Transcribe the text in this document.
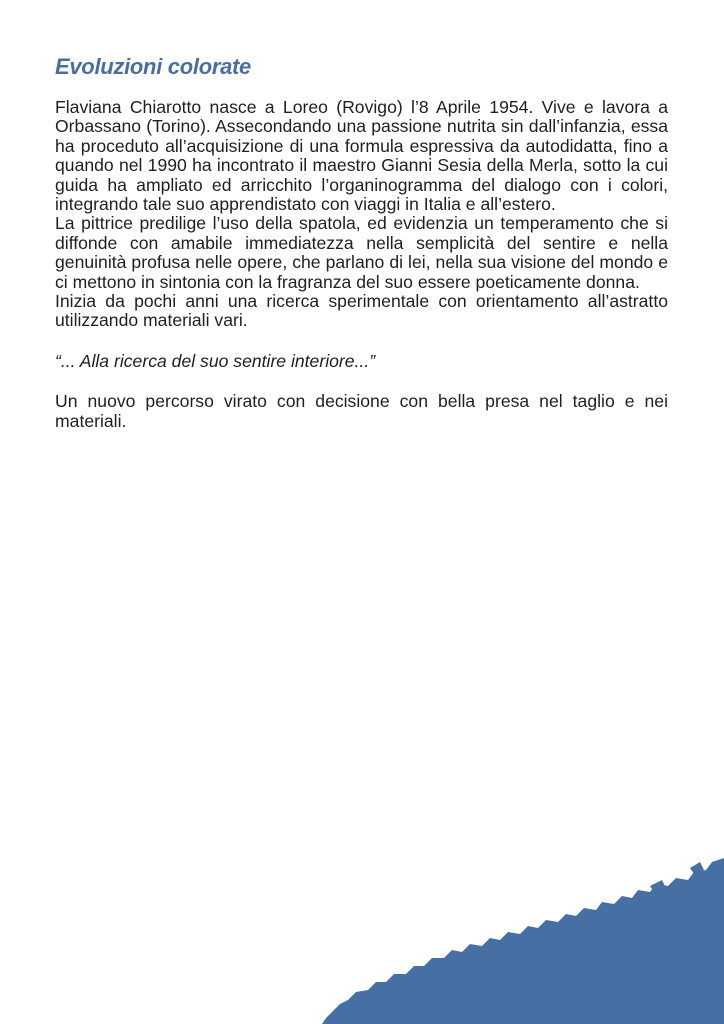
Evoluzioni colorate

Flaviana Chiarotto nasce a Loreo (Rovigo) l’8 Aprile 1954. Vive e lavora a Orbassano (Torino). Assecondando una passione nutrita sin dall’infanzia, essa ha proceduto all’acquisizione di una formula espressiva da autodidatta, fino a quando nel 1990 ha incontrato il maestro Gianni Sesia della Merla, sotto la cui guida ha ampliato ed arricchito l’organinogramma del dialogo con i colori, integrando tale suo apprendistato con viaggi in Italia e all’estero.

La pittrice predilige l’uso della spatola, ed evidenzia un temperamento che si diffonde con amabile immediatezza nella semplicità del sentire e nella genuinità profusa nelle opere, che parlano di lei, nella sua visione del mondo e ci mettono in sintonia con la fragranza del suo essere poeticamente donna.

Inizia da pochi anni una ricerca sperimentale con orientamento all’astratto utilizzando materiali vari.

“... Alla ricerca del suo sentire interiore...”

Un nuovo percorso virato con decisione con bella presa nel taglio e nei materiali.
